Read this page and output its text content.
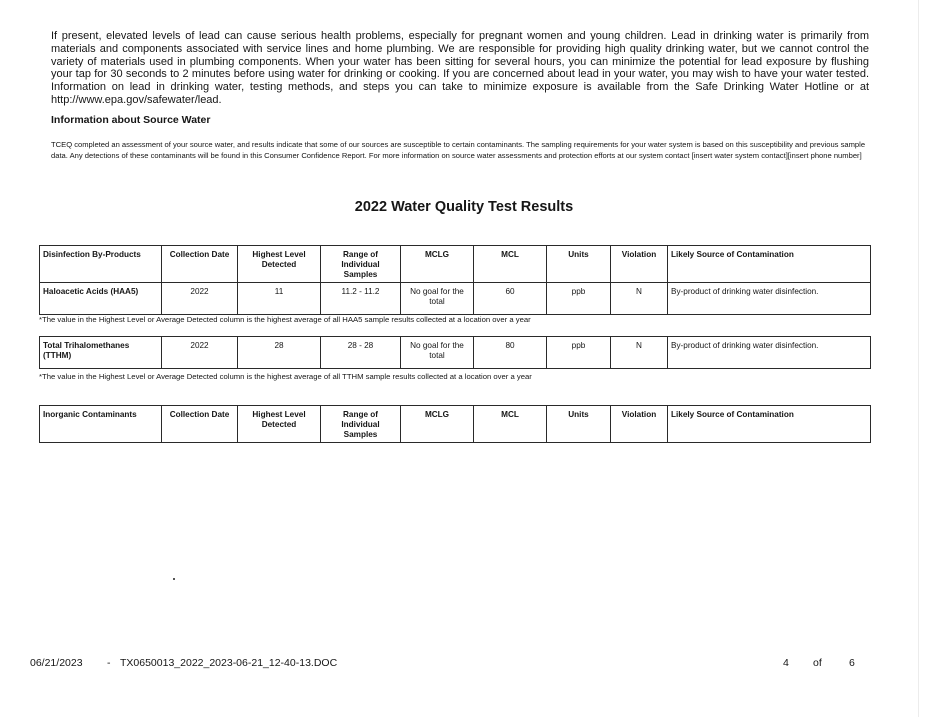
If present, elevated levels of lead can cause serious health problems, especially for pregnant women and young children. Lead in drinking water is primarily from materials and components associated with service lines and home plumbing. We are responsible for providing high quality drinking water, but we cannot control the variety of materials used in plumbing components. When your water has been sitting for several hours, you can minimize the potential for lead exposure by flushing your tap for 30 seconds to 2 minutes before using water for drinking or cooking. If you are concerned about lead in your water, you may wish to have your water tested. Information on lead in drinking water, testing methods, and steps you can take to minimize exposure is available from the Safe Drinking Water Hotline or at http://www.epa.gov/safewater/lead.

Information about Source Water
TCEQ completed an assessment of your source water, and results indicate that some of our sources are susceptible to certain contaminants. The sampling requirements for your water system is based on this susceptibility and previous sample data. Any detections of these contaminants will be found in this Consumer Confidence Report. For more information on source water assessments and protection efforts at our system contact [insert water system contact][insert phone number]
2022 Water Quality Test Results
Disinfection By-Products	Collection Date	Highest Level Detected	Range of Individual Samples	MCLG	MCL	Units	Violation	Likely Source of Contamination
Haloacetic Acids (HAA5)	2022	11	11.2 - 11.2	No goal for the total	60	ppb	N	By-product of drinking water disinfection.
*The value in the Highest Level or Average Detected column is the highest average of all HAA5 sample results collected at a location over a year
Total Trihalomethanes (TTHM)	2022	28	28 - 28	No goal for the total	80	ppb	N	By-product of drinking water disinfection.
*The value in the Highest Level or Average Detected column is the highest average of all TTHM sample results collected at a location over a year
Inorganic Contaminants	Collection Date	Highest Level Detected	Range of Individual Samples	MCLG	MCL	Units	Violation	Likely Source of Contamination
06/21/2023 - TX0650013_2022_2023-06-21_12-40-13.DOC	4 of	6
